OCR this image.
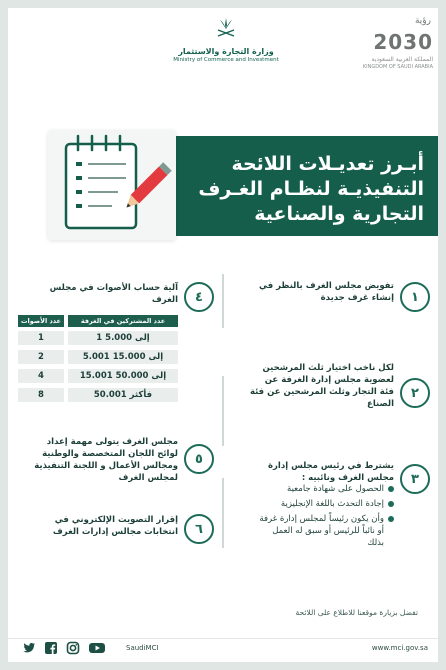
رؤية
2030
المملكة العربية السعودية
KINGDOM OF SAUDI ARABIA
وزارة التجارة والاستثمار
Ministry of Commerce and Investment
أبـرز تعديـلات اللائحة
التنفيذيـة لنظـام الغـرف
التجارية والصناعية
١
تفويض مجلس الغرف بالنظر في إنشاء غرف جديدة
٢
لكل ناخب اختيار ثلث المرشحين لعضوية مجلس إدارة الغرفة عن فئة التجار وثلث المرشحين عن فئة الصناع
٣
يشترط في رئيس مجلس إدارة مجلس الغرف ونائبيه :
الحصول على شهادة جامعية
إجادة التحدث باللغة الإنجليزية
وأن يكون رئيساً لمجلس إدارة غرفة أو نائباً للرئيس أو سبق له العمل بذلك
٤
آلية حساب الأصوات في مجلس الغرف
عدد المشتركين في الغرفة
عدد الأصوات
1 إلى 5.000
1
5.001 إلى 15.000
2
15.001 إلى 50.000
4
50.001 فأكثر
8
٥
مجلس الغرف يتولى مهمة إعداد لوائح اللجان المتخصصة والوطنية ومجالس الأعمال و اللجنة التنفيذية لمجلس الغرف
٦
إقرار التصويت الإلكتروني في انتخابات مجالس إدارات الغرف
تفضل بزيارة موقعنا للاطلاع على اللائحة
SaudiMCI	www.mci.gov.sa
